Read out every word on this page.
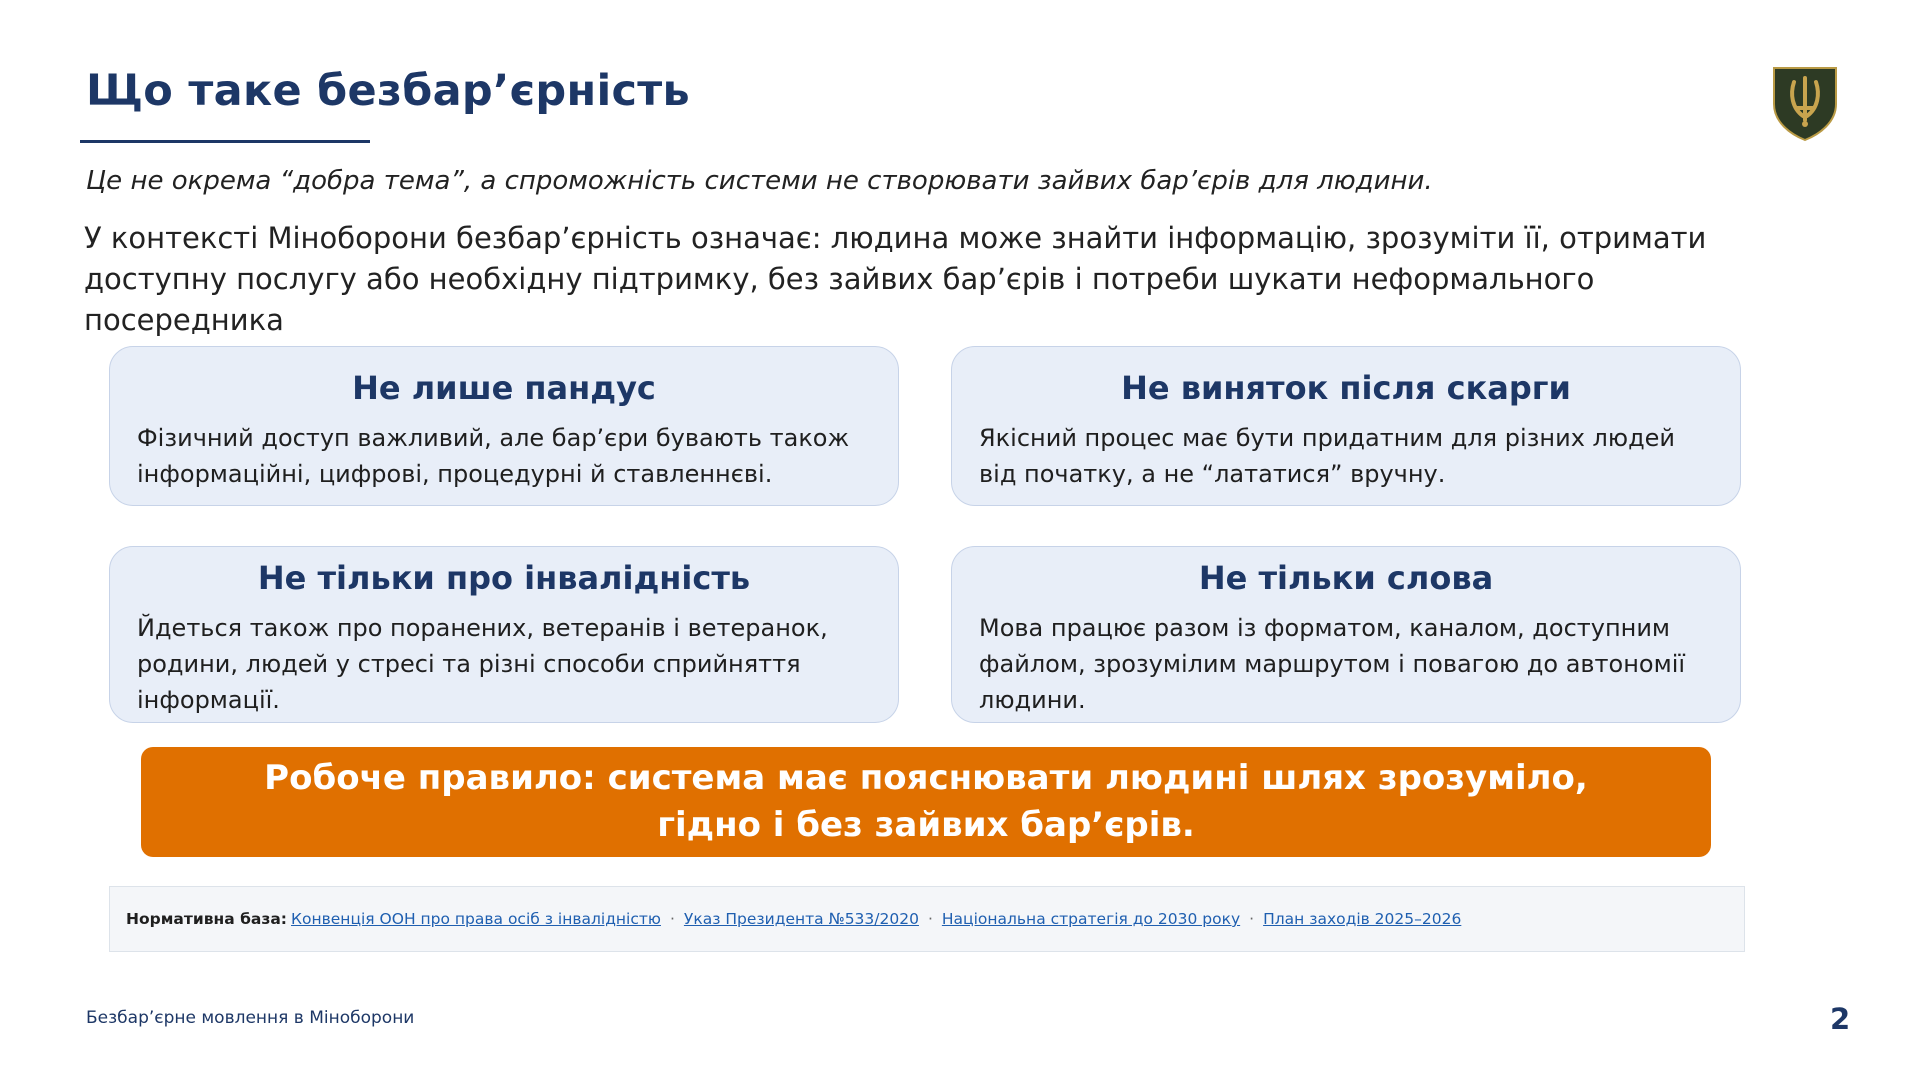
Що таке безбар’єрність
Це не окрема “добра тема”, а спроможність системи не створювати зайвих бар’єрів для людини.
У контексті Міноборони безбар’єрність означає: людина може знайти інформацію, зрозуміти її, отримати
доступну послугу або необхідну підтримку, без зайвих бар’єрів і потреби шукати неформального
посередника
Не лише пандус
Фізичний доступ важливий, але бар’єри бувають також
інформаційні, цифрові, процедурні й ставленнєві.
Не виняток після скарги
Якісний процес має бути придатним для різних людей
від початку, а не “лататися” вручну.
Не тільки про інвалідність
Йдеться також про поранених, ветеранів і ветеранок,
родини, людей у стресі та різні способи сприйняття
інформації.
Не тільки слова
Мова працює разом із форматом, каналом, доступним
файлом, зрозумілим маршрутом і повагою до автономії
людини.
Робоче правило: система має пояснювати людині шлях зрозуміло,
гідно і без зайвих бар’єрів.
Нормативна база: Конвенція ООН про права осіб з інвалідністю · Указ Президента №533/2020 · Національна стратегія до 2030 року · План заходів 2025–2026
Безбар’єрне мовлення в Міноборони	2
